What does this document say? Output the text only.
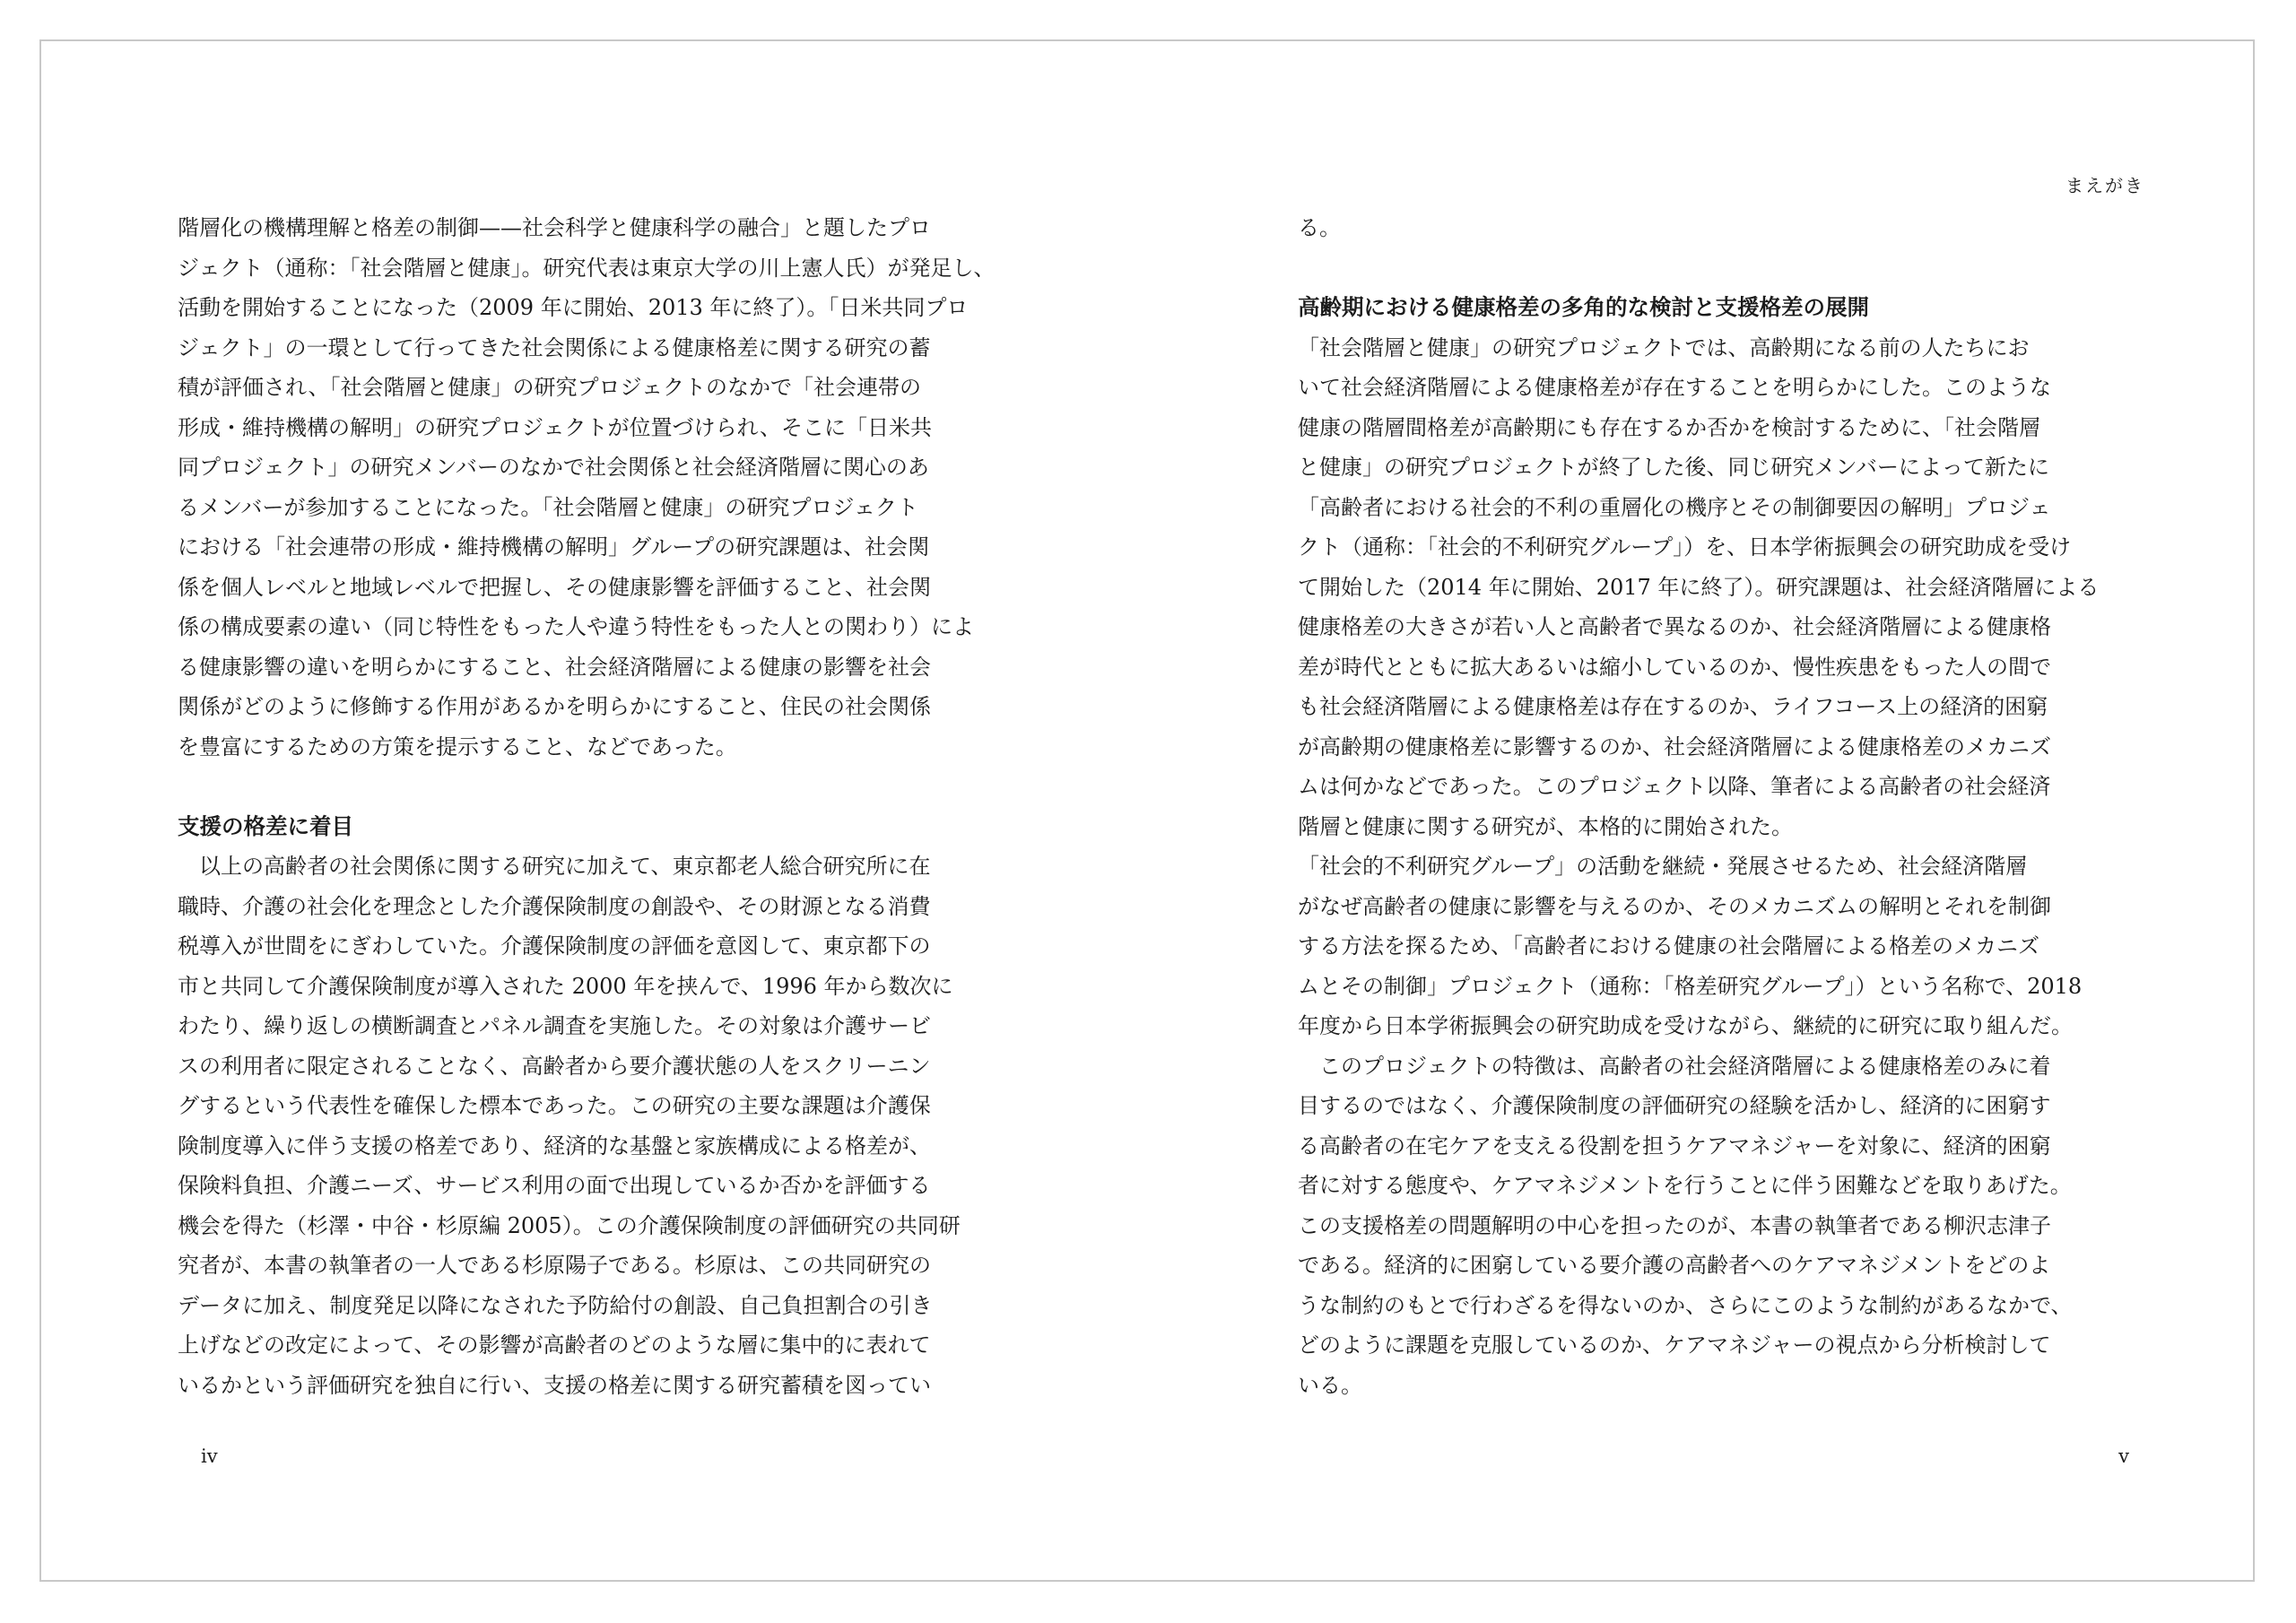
階層化の機構理解と格差の制御——社会科学と健康科学の融合」と題したプロ
ジェクト（通称：「社会階層と健康」。研究代表は東京大学の川上憲人氏）が発足し、
活動を開始することになった（2009 年に開始、2013 年に終了）。「日米共同プロ
ジェクト」の一環として行ってきた社会関係による健康格差に関する研究の蓄
積が評価され、「社会階層と健康」の研究プロジェクトのなかで「社会連帯の
形成・維持機構の解明」の研究プロジェクトが位置づけられ、そこに「日米共
同プロジェクト」の研究メンバーのなかで社会関係と社会経済階層に関心のあ
るメンバーが参加することになった。「社会階層と健康」の研究プロジェクト
における「社会連帯の形成・維持機構の解明」グループの研究課題は、社会関
係を個人レベルと地域レベルで把握し、その健康影響を評価すること、社会関
係の構成要素の違い（同じ特性をもった人や違う特性をもった人との関わり）によ
る健康影響の違いを明らかにすること、社会経済階層による健康の影響を社会
関係がどのように修飾する作用があるかを明らかにすること、住民の社会関係
を豊富にするための方策を提示すること、などであった。
支援の格差に着目
　以上の高齢者の社会関係に関する研究に加えて、東京都老人総合研究所に在
職時、介護の社会化を理念とした介護保険制度の創設や、その財源となる消費
税導入が世間をにぎわしていた。介護保険制度の評価を意図して、東京都下の
市と共同して介護保険制度が導入された 2000 年を挟んで、1996 年から数次に
わたり、繰り返しの横断調査とパネル調査を実施した。その対象は介護サービ
スの利用者に限定されることなく、高齢者から要介護状態の人をスクリーニン
グするという代表性を確保した標本であった。この研究の主要な課題は介護保
険制度導入に伴う支援の格差であり、経済的な基盤と家族構成による格差が、
保険料負担、介護ニーズ、サービス利用の面で出現しているか否かを評価する
機会を得た（杉澤・中谷・杉原編 2005）。この介護保険制度の評価研究の共同研
究者が、本書の執筆者の一人である杉原陽子である。杉原は、この共同研究の
データに加え、制度発足以降になされた予防給付の創設、自己負担割合の引き
上げなどの改定によって、その影響が高齢者のどのような層に集中的に表れて
いるかという評価研究を独自に行い、支援の格差に関する研究蓄積を図ってい
iv
まえがき
る。
高齢期における健康格差の多角的な検討と支援格差の展開
「社会階層と健康」の研究プロジェクトでは、高齢期になる前の人たちにお
いて社会経済階層による健康格差が存在することを明らかにした。このような
健康の階層間格差が高齢期にも存在するか否かを検討するために、「社会階層
と健康」の研究プロジェクトが終了した後、同じ研究メンバーによって新たに
「高齢者における社会的不利の重層化の機序とその制御要因の解明」プロジェ
クト（通称：「社会的不利研究グループ」）を、日本学術振興会の研究助成を受け
て開始した（2014 年に開始、2017 年に終了）。研究課題は、社会経済階層による
健康格差の大きさが若い人と高齢者で異なるのか、社会経済階層による健康格
差が時代とともに拡大あるいは縮小しているのか、慢性疾患をもった人の間で
も社会経済階層による健康格差は存在するのか、ライフコース上の経済的困窮
が高齢期の健康格差に影響するのか、社会経済階層による健康格差のメカニズ
ムは何かなどであった。このプロジェクト以降、筆者による高齢者の社会経済
階層と健康に関する研究が、本格的に開始された。
「社会的不利研究グループ」の活動を継続・発展させるため、社会経済階層
がなぜ高齢者の健康に影響を与えるのか、そのメカニズムの解明とそれを制御
する方法を探るため、「高齢者における健康の社会階層による格差のメカニズ
ムとその制御」プロジェクト（通称：「格差研究グループ」）という名称で、2018
年度から日本学術振興会の研究助成を受けながら、継続的に研究に取り組んだ。
　このプロジェクトの特徴は、高齢者の社会経済階層による健康格差のみに着
目するのではなく、介護保険制度の評価研究の経験を活かし、経済的に困窮す
る高齢者の在宅ケアを支える役割を担うケアマネジャーを対象に、経済的困窮
者に対する態度や、ケアマネジメントを行うことに伴う困難などを取りあげた。
この支援格差の問題解明の中心を担ったのが、本書の執筆者である柳沢志津子
である。経済的に困窮している要介護の高齢者へのケアマネジメントをどのよ
うな制約のもとで行わざるを得ないのか、さらにこのような制約があるなかで、
どのように課題を克服しているのか、ケアマネジャーの視点から分析検討して
いる。
v
